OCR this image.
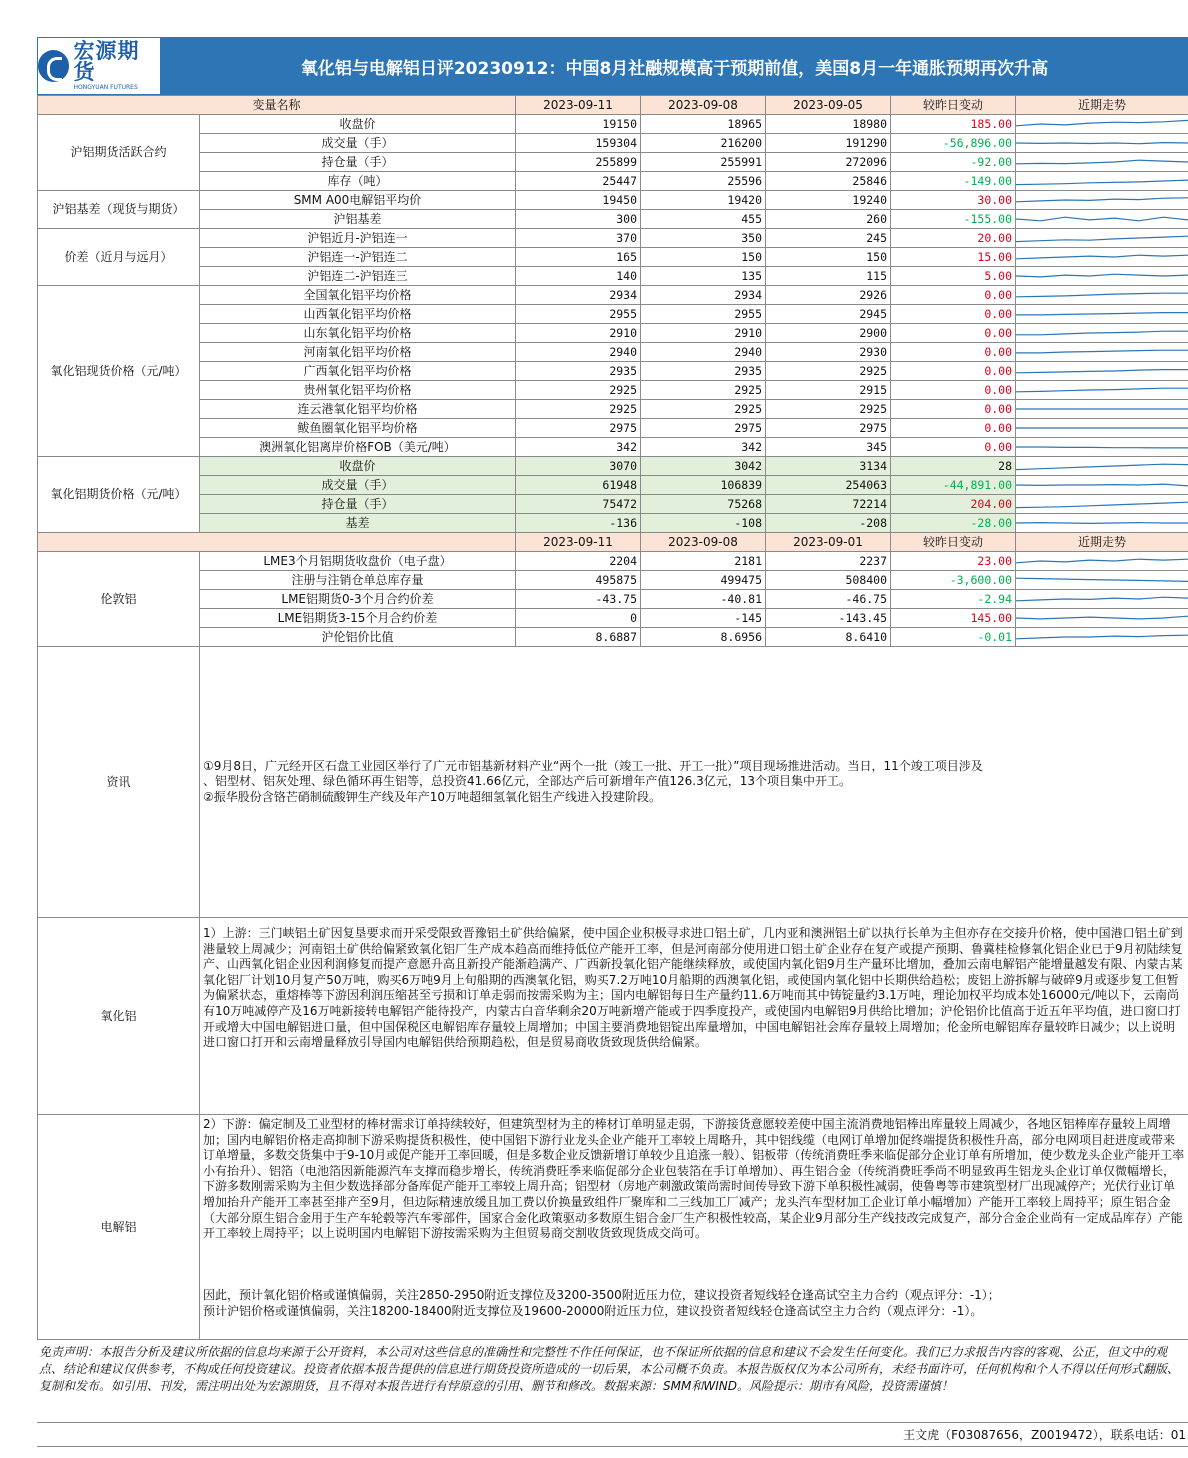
宏源期货
HONGYUAN FUTURES
氧化铝与电解铝日评20230912：中国8月社融规模高于预期前值，美国8月一年通胀预期再次升高
变量名称		2023-09-11	2023-09-08	2023-09-05	较昨日变动	近期走势
沪铝期货活跃合约	收盘价	19150	18965	18980	185.00	

	成交量（手）	159304	216200	191290	-56,896.00	

	持仓量（手）	255899	255991	272096	-92.00	

	库存（吨）	25447	25596	25846	-149.00	

沪铝基差（现货与期货）	SMM A00电解铝平均价	19450	19420	19240	30.00	

	沪铝基差	300	455	260	-155.00	

价差（近月与远月）	沪铝近月-沪铝连一	370	350	245	20.00	

	沪铝连一-沪铝连二	165	150	150	15.00	

	沪铝连二-沪铝连三	140	135	115	5.00	

氧化铝现货价格（元/吨）	全国氧化铝平均价格	2934	2934	2926	0.00	

	山西氧化铝平均价格	2955	2955	2945	0.00	

	山东氧化铝平均价格	2910	2910	2900	0.00	

	河南氧化铝平均价格	2940	2940	2930	0.00	

	广西氧化铝平均价格	2935	2935	2925	0.00	

	贵州氧化铝平均价格	2925	2925	2915	0.00	

	连云港氧化铝平均价格	2925	2925	2925	0.00	

	鲅鱼圈氧化铝平均价格	2975	2975	2975	0.00	

	澳洲氧化铝离岸价格FOB（美元/吨）	342	342	345	0.00	

氧化铝期货价格（元/吨）	收盘价	3070	3042	3134	28	

	成交量（手）	61948	106839	254063	-44,891.00	

	持仓量（手）	75472	75268	72214	204.00	

	基差	-136	-108	-208	-28.00	

		2023-09-11	2023-09-08	2023-09-01	较昨日变动	近期走势
伦敦铝	LME3个月铝期货收盘价（电子盘）	2204	2181	2237	23.00	

	注册与注销仓单总库存量	495875	499475	508400	-3,600.00	

	LME铝期货0-3个月合约价差	-43.75	-40.81	-46.75	-2.94	

	LME铝期货3-15个月合约价差	0	-145	-143.45	145.00	

	沪伦铝价比值	8.6887	8.6956	8.6410	-0.01	

资讯	①9月8日，广元经开区石盘工业园区举行了广元市铝基新材料产业“两个一批（竣工一批、开工一批）”项目现场推进活动。当日，11个竣工项目涉及
、铝型材、铝灰处理、绿色循环再生铝等，总投资41.66亿元，全部达产后可新增年产值126.3亿元，13个项目集中开工。
②振华股份含铬芒硝制硫酸钾生产线及年产10万吨超细氢氧化铝生产线进入投建阶段。					

氧化铝	1）上游：三门峡铝土矿因复垦要求而开采受限致晋豫铝土矿供给偏紧，使中国企业积极寻求进口铝土矿，几内亚和澳洲铝土矿以执行长单为主但亦存在交接升价格，使中国港口铝土矿到港量较上周减少；河南铝土矿供给偏紧致氧化铝厂生产成本趋高而维持低位产能开工率，但是河南部分使用进口铝土矿企业存在复产或提产预期、鲁冀桂检修氧化铝企业已于9月初陆续复产、山西氧化铝企业因利润修复而提产意愿升高且新投产能渐趋满产、广西新投氧化铝产能继续释放，或使国内氧化铝9月生产量环比增加，叠加云南电解铝产能增量越发有限、内蒙古某氧化铝厂计划10月复产50万吨，购买6万吨9月上旬船期的西澳氧化铝，购买7.2万吨10月船期的西澳氧化铝，或使国内氧化铝中长期供给趋松；废铝上游拆解与破碎9月或逐步复工但暂为偏紧状态，重熔棒等下游因利润压缩甚至亏损和订单走弱而按需采购为主；国内电解铝每日生产量约11.6万吨而其中铸锭量约3.1万吨，理论加权平均成本处16000元/吨以下，云南尚有10万吨减停产及16万吨新接转电解铝产能待投产，内蒙古白音华剩余20万吨新增产能或于四季度投产，或使国内电解铝9月供给比增加；沪伦铝价比值高于近五年平均值，进口窗口打开或增大中国电解铝进口量，但中国保税区电解铝库存量较上周增加；中国主要消费地铝锭出库量增加，中国电解铝社会库存量较上周增加；伦金所电解铝库存量较昨日减少；以上说明进口窗口打开和云南增量释放引导国内电解铝供给预期趋松，但是贸易商收货致现货供给偏紧。					
电解铝	2）下游：偏定制及工业型材的棒材需求订单持续较好，但建筑型材为主的棒材订单明显走弱，下游接货意愿较差使中国主流消费地铝棒出库量较上周减少，各地区铝棒库存量较上周增加；国内电解铝价格走高抑制下游采购提货积极性，使中国铝下游行业龙头企业产能开工率较上周略升，其中铝线缆（电网订单增加促终端提货积极性升高，部分电网项目赶进度或带来订单增量，多数交货集中于9-10月或促产能开工率回暖，但是多数企业反馈新增订单较少且追涨一般）、铝板带（传统消费旺季来临促部分企业订单有所增加，使少数龙头企业产能开工率小有抬升）、铝箔（电池箔因新能源汽车支撑而稳步增长，传统消费旺季来临促部分企业包装箔在手订单增加）、再生铝合金（传统消费旺季尚不明显致再生铝龙头企业订单仅微幅增长，下游多数刚需采购为主但少数选择部分备库促产能开工率较上周升高；铝型材（房地产刺激政策尚需时间传导致下游下单积极性减弱，使鲁粤等市建筑型材厂出现减停产；光伏行业订单增加抬升产能开工率甚至排产至9月，但边际精速放缓且加工费以价换量致组件厂聚库和二三线加工厂减产；龙头汽车型材加工企业订单小幅增加）产能开工率较上周持平；原生铝合金（大部分原生铝合金用于生产车轮毂等汽车零部件，国家合金化政策驱动多数原生铝合金厂生产积极性较高，某企业9月部分生产线技改完成复产，部分合金企业尚有一定成品库存）产能开工率较上周持平；以上说明国内电解铝下游按需采购为主但贸易商交割收货致现货成交尚可。
因此，预计氧化铝价格或谨慎偏弱，关注2850-2950附近支撑位及3200-3500附近压力位，建议投资者短线轻仓逢高试空主力合约（观点评分：-1）；
预计沪铝价格或谨慎偏弱，关注18200-18400附近支撑位及19600-20000附近压力位，建议投资者短线轻仓逢高试空主力合约（观点评分：-1）。					
免责声明：本报告分析及建议所依据的信息均来源于公开资料，本公司对这些信息的准确性和完整性不作任何保证，也不保证所依据的信息和建议不会发生任何变化。我们已力求报告内容的客观、公正，但文中的观点、结论和建议仅供参考，不构成任何投资建议。投资者依据本报告提供的信息进行期货投资所造成的一切后果，本公司概不负责。本报告版权仅为本公司所有，未经书面许可，任何机构和个人不得以任何形式翻版、复制和发布。如引用、刊发，需注明出处为宏源期货，且不得对本报告进行有悖原意的引用、删节和修改。数据来源：SMM和WIND。风险提示：期市有风险，投资需谨慎！
王文虎（F03087656，Z0019472），联系电话：01
